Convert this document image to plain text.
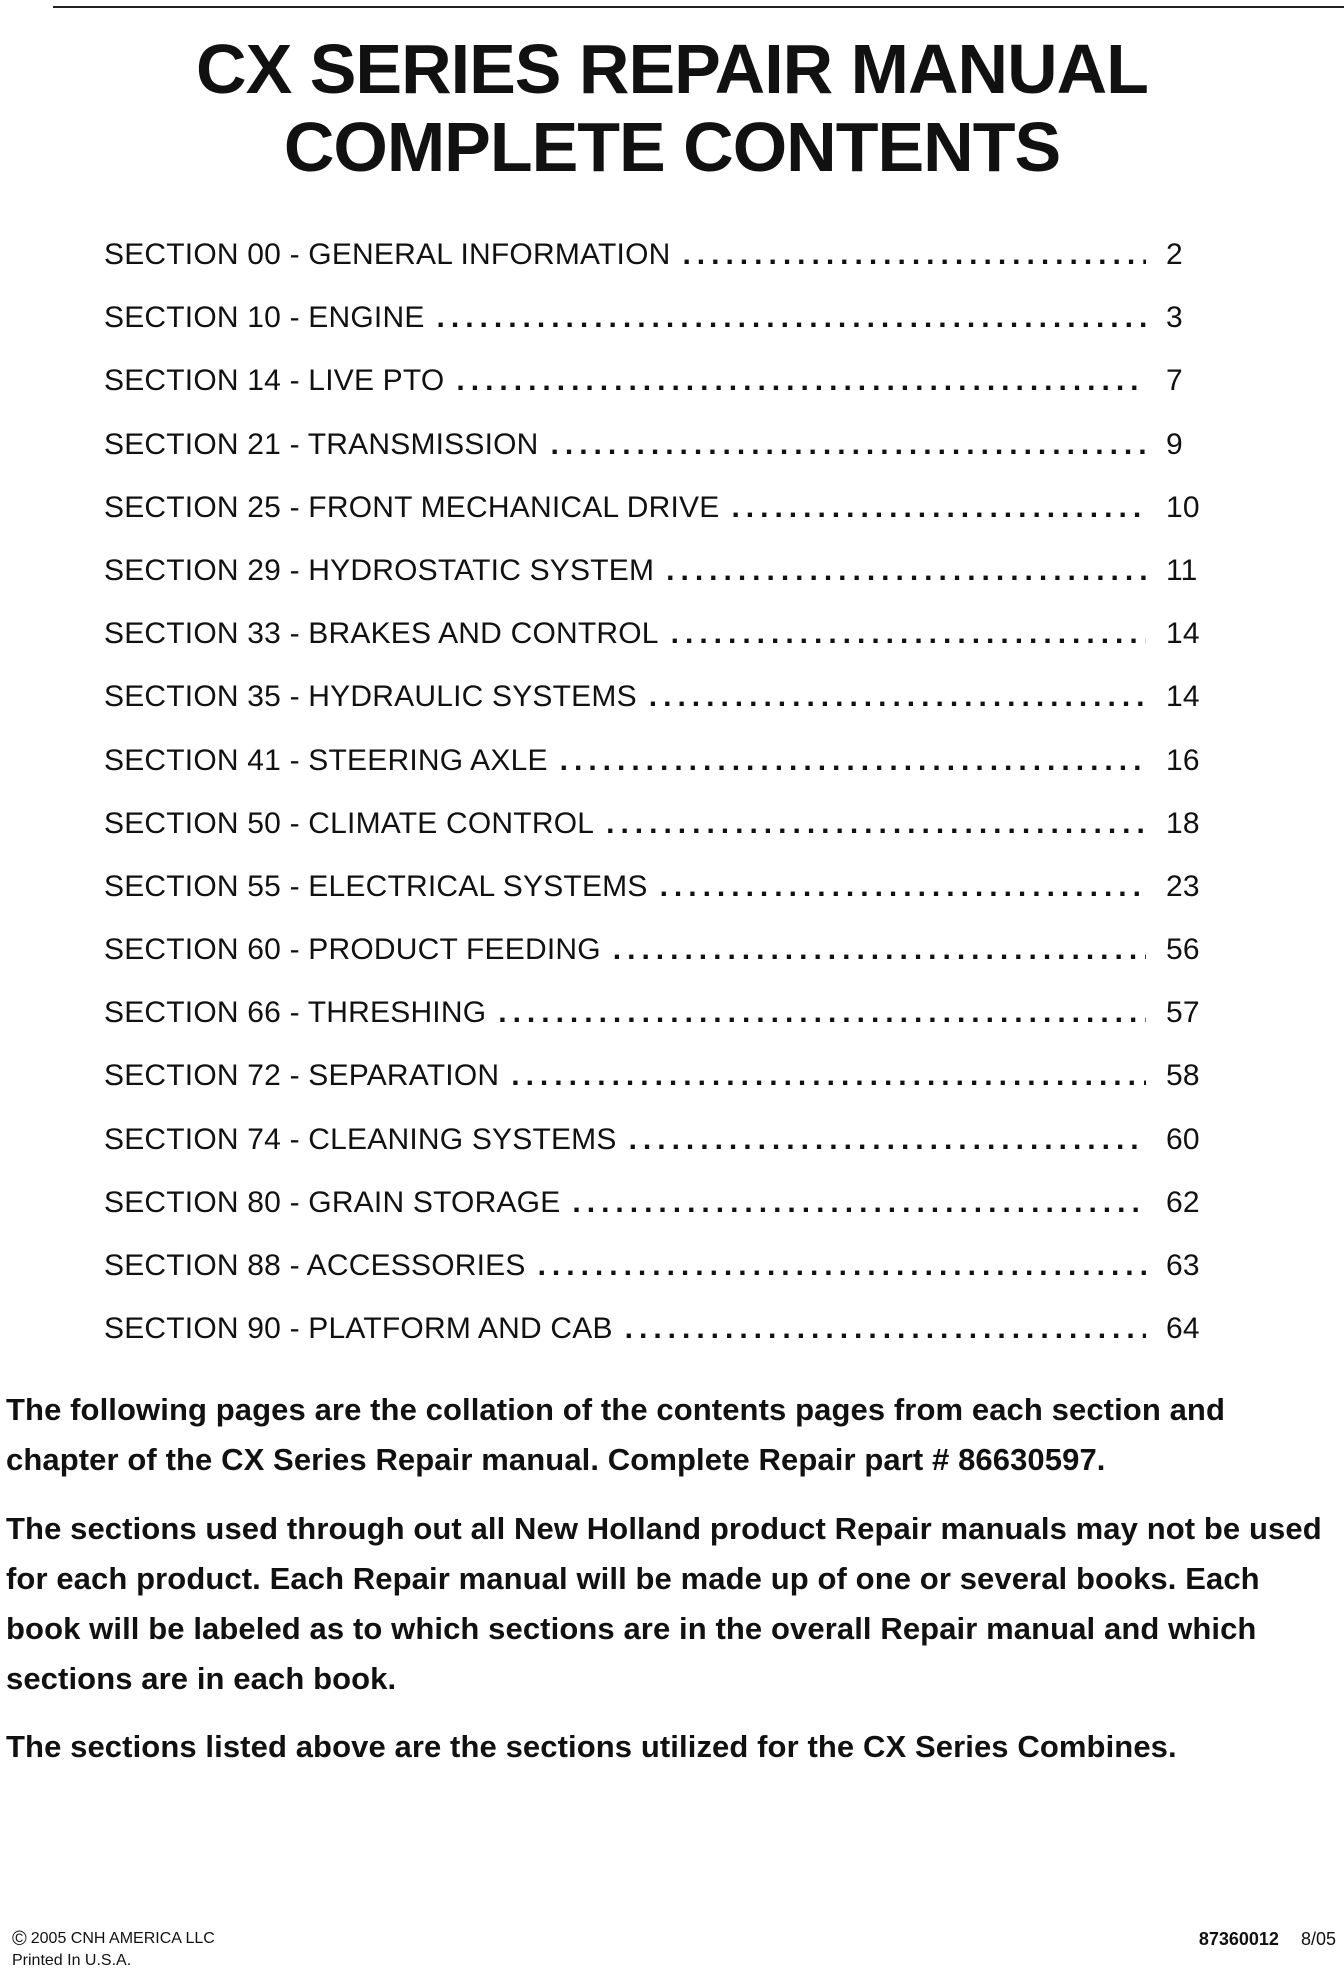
CX SERIES REPAIR MANUAL
COMPLETE CONTENTS
SECTION 00 - GENERAL INFORMATION .....	2
SECTION 10 - ENGINE .....	3
SECTION 14 - LIVE PTO .....	7
SECTION 21 - TRANSMISSION .....	9
SECTION 25 - FRONT MECHANICAL DRIVE .....	10
SECTION 29 - HYDROSTATIC SYSTEM .....	11
SECTION 33 - BRAKES AND CONTROL .....	14
SECTION 35 - HYDRAULIC SYSTEMS .....	14
SECTION 41 - STEERING AXLE .....	16
SECTION 50 - CLIMATE CONTROL .....	18
SECTION 55 - ELECTRICAL SYSTEMS .....	23
SECTION 60 - PRODUCT FEEDING .....	56
SECTION 66 - THRESHING .....	57
SECTION 72 - SEPARATION .....	58
SECTION 74 - CLEANING SYSTEMS .....	60
SECTION 80 - GRAIN STORAGE .....	62
SECTION 88 - ACCESSORIES .....	63
SECTION 90 - PLATFORM AND CAB .....	64
The following pages are the collation of the contents pages from each section and chapter of the CX Series Repair manual. Complete Repair part # 86630597.
The sections used through out all New Holland product Repair manuals may not be used for each product. Each Repair manual will be made up of one or several books. Each book will be labeled as to which sections are in the overall Repair manual and which sections are in each book.
The sections listed above are the sections utilized for the CX Series Combines.
© 2005 CNH AMERICA LLC
Printed In U.S.A.
87360012 8/05
